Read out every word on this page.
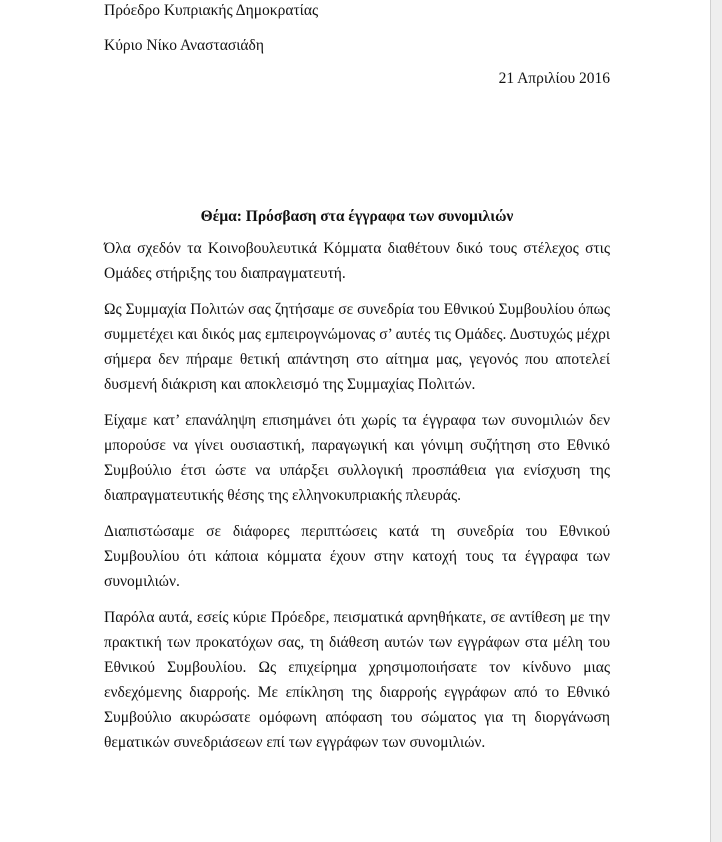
Πρόεδρο Κυπριακής Δημοκρατίας

Κύριο Νίκο Αναστασιάδη

21 Απριλίου 2016

Θέμα: Πρόσβαση στα έγγραφα των συνομιλιών

Όλα σχεδόν τα Κοινοβουλευτικά Κόμματα διαθέτουν δικό τους στέλεχος στις Ομάδες στήριξης του διαπραγματευτή.

Ως Συμμαχία Πολιτών σας ζητήσαμε σε συνεδρία του Εθνικού Συμβουλίου όπως συμμετέχει και δικός μας εμπειρογνώμονας σ’ αυτές τις Ομάδες. Δυστυχώς μέχρι σήμερα δεν πήραμε θετική απάντηση στο αίτημα μας, γεγονός που αποτελεί δυσμενή διάκριση και αποκλεισμό της Συμμαχίας Πολιτών.

Είχαμε κατ’ επανάληψη επισημάνει ότι χωρίς τα έγγραφα των συνομιλιών δεν μπορούσε να γίνει ουσιαστική, παραγωγική και γόνιμη συζήτηση στο Εθνικό Συμβούλιο έτσι ώστε να υπάρξει συλλογική προσπάθεια για ενίσχυση της διαπραγματευτικής θέσης της ελληνοκυπριακής πλευράς.

Διαπιστώσαμε σε διάφορες περιπτώσεις κατά τη συνεδρία του Εθνικού Συμβουλίου ότι κάποια κόμματα έχουν στην κατοχή τους τα έγγραφα των συνομιλιών.

Παρόλα αυτά, εσείς κύριε Πρόεδρε, πεισματικά αρνηθήκατε, σε αντίθεση με την πρακτική των προκατόχων σας, τη διάθεση αυτών των εγγράφων στα μέλη του Εθνικού Συμβουλίου. Ως επιχείρημα χρησιμοποιήσατε τον κίνδυνο μιας ενδεχόμενης διαρροής. Με επίκληση της διαρροής εγγράφων από το Εθνικό Συμβούλιο ακυρώσατε ομόφωνη απόφαση του σώματος για τη διοργάνωση θεματικών συνεδριάσεων επί των εγγράφων των συνομιλιών.
